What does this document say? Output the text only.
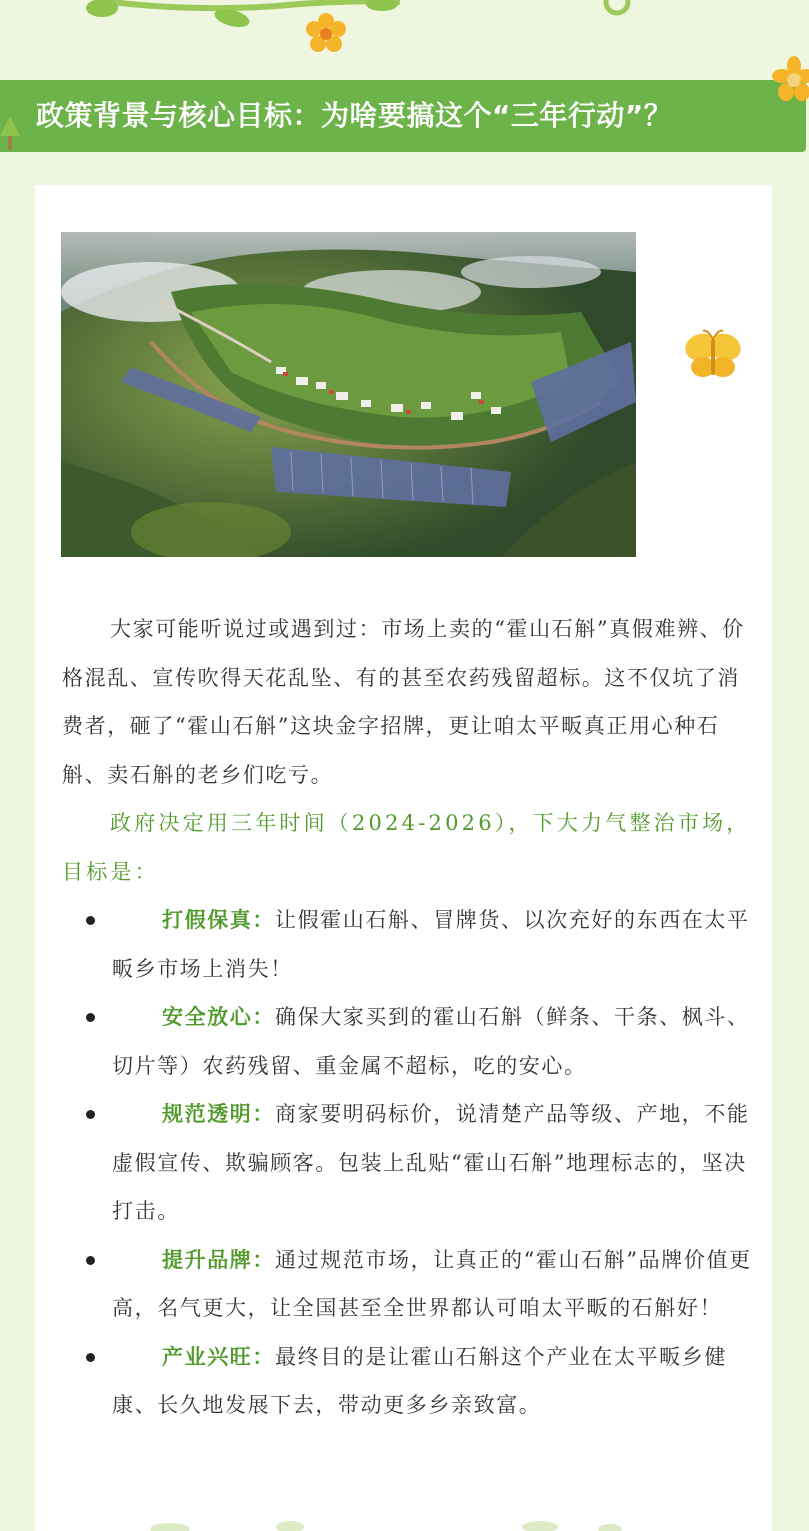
政策背景与核心目标：为啥要搞这个“三年行动”？

大家可能听说过或遇到过：市场上卖的“霍山石斛”真假难辨、价格混乱、宣传吹得天花乱坠、有的甚至农药残留超标。这不仅坑了消费者，砸了“霍山石斛”这块金字招牌，更让咱太平畈真正用心种石斛、卖石斛的老乡们吃亏。

政府决定用三年时间（2024-2026），下大力气整治市场，目标是：

打假保真：让假霍山石斛、冒牌货、以次充好的东西在太平畈乡市场上消失！
安全放心：确保大家买到的霍山石斛（鲜条、干条、枫斗、切片等）农药残留、重金属不超标，吃的安心。
规范透明：商家要明码标价，说清楚产品等级、产地，不能虚假宣传、欺骗顾客。包装上乱贴“霍山石斛”地理标志的，坚决打击。
提升品牌：通过规范市场，让真正的“霍山石斛”品牌价值更高，名气更大，让全国甚至全世界都认可咱太平畈的石斛好！
产业兴旺：最终目的是让霍山石斛这个产业在太平畈乡健康、长久地发展下去，带动更多乡亲致富。
